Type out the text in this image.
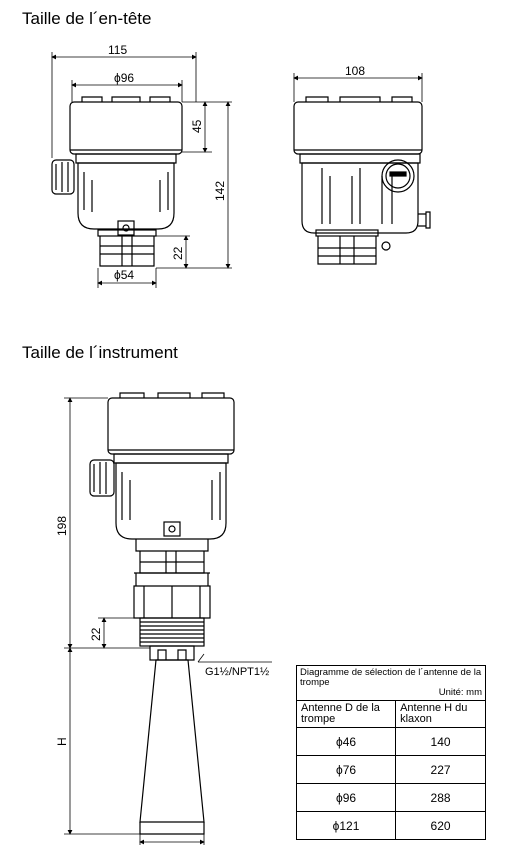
Taille de l´en-tête
Taille de l´instrument
115
ϕ96
45
142
22
ϕ54
108
198
22
G1½/NPT1½
H
Diagramme de sélection de l´antenne de la trompe
Unité: mm	

Antenne D de la trompe	Antenne H du klaxon
ϕ46	140
ϕ76	227
ϕ96	288
ϕ121	620
